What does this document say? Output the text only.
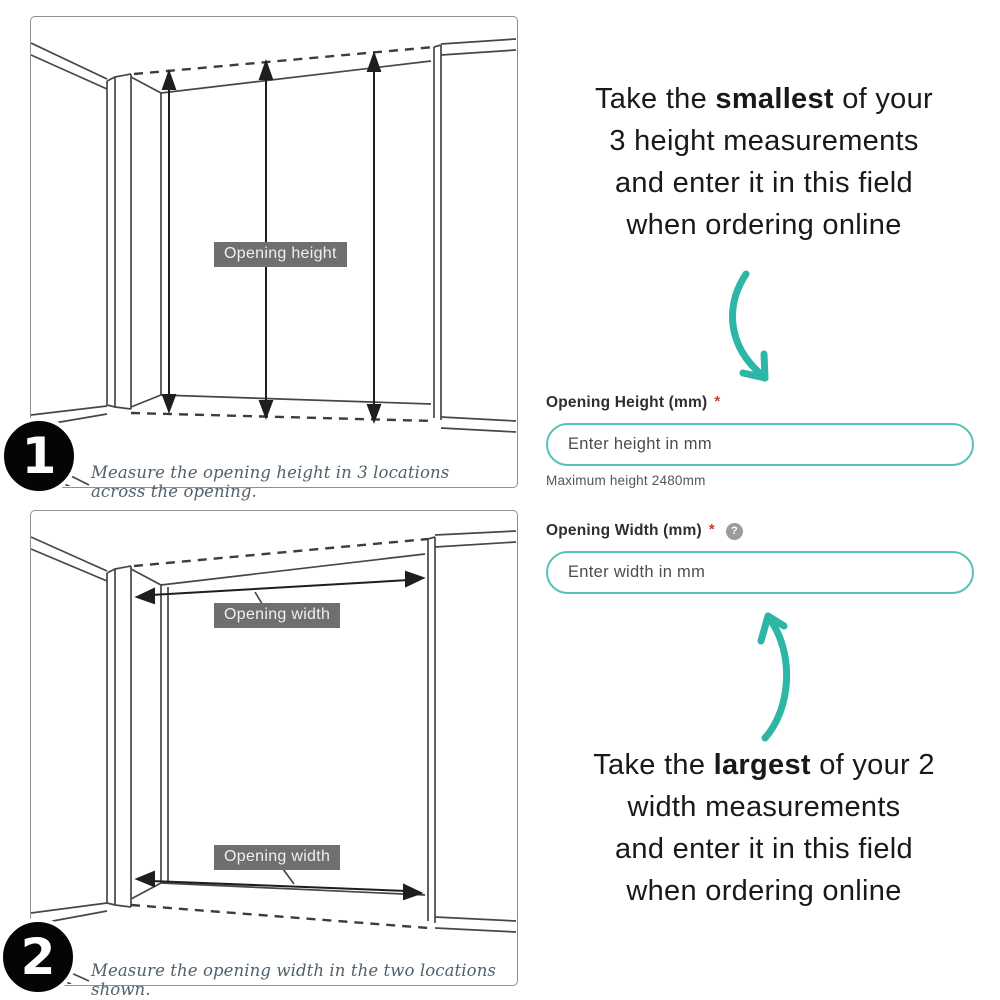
Opening height
1 Measure the opening height in 3 locations across the opening.
Opening width
Opening width
2 Measure the opening width in the two locations shown.

Take the smallest of your
3 height measurements
and enter it in this field
when ordering online

Opening Height (mm) *
Enter height in mm
Maximum height 2480mm
Opening Width (mm) *	?
Enter width in mm

Take the largest of your 2
width measurements
and enter it in this field
when ordering online
